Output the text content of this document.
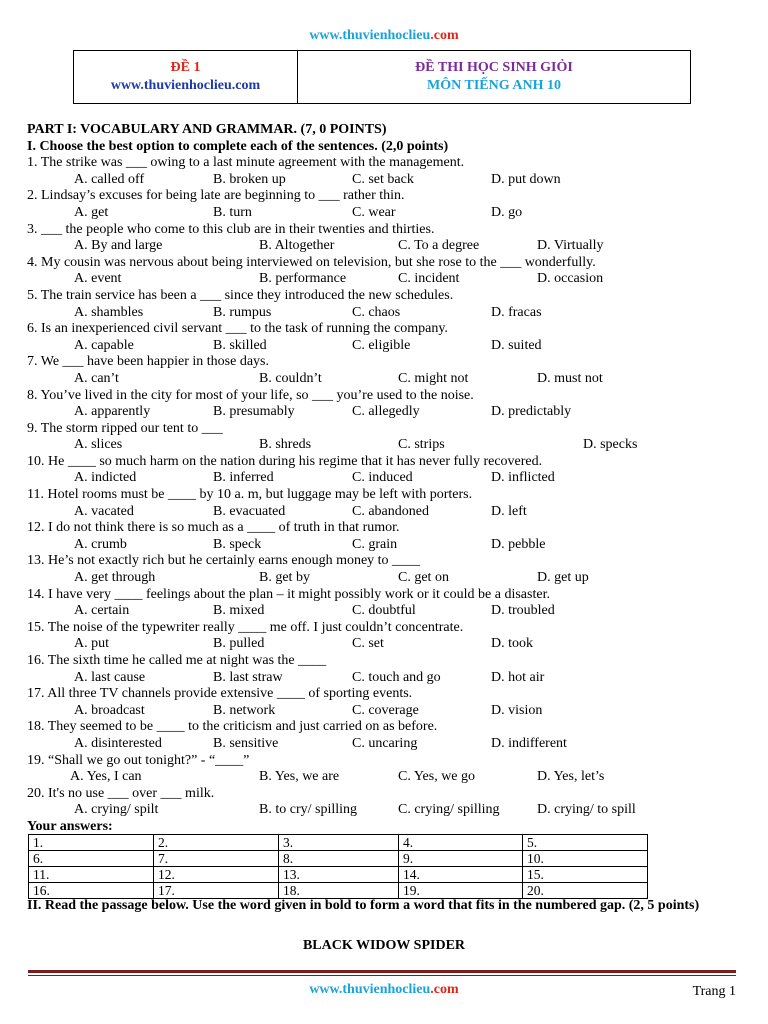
www.thuvienhoclieu.com
ĐỀ 1
www.thuvienhoclieu.com
ĐỀ THI HỌC SINH GIỎI
MÔN TIẾNG ANH 10
PART I: VOCABULARY AND GRAMMAR. (7, 0 POINTS)
I. Choose the best option to complete each of the sentences. (2,0 points)
1. The strike was ___ owing to a last minute agreement with the management.
A. called off	B. broken up	C. set back	D. put down
2. Lindsay’s excuses for being late are beginning to ___ rather thin.
A. get	B. turn	C. wear	D. go
3. ___ the people who come to this club are in their twenties and thirties.
A. By and large	B. Altogether	C. To a degree	D. Virtually
4. My cousin was nervous about being interviewed on television, but she rose to the ___ wonderfully.
A. event	B. performance	C. incident	D. occasion
5. The train service has been a ___ since they introduced the new schedules.
A. shambles	B. rumpus	C. chaos	D. fracas
6. Is an inexperienced civil servant ___ to the task of running the company.
A. capable	B. skilled	C. eligible	D. suited
7. We ___ have been happier in those days.
A. can’t	B. couldn’t	C. might not	D. must not
8. You’ve lived in the city for most of your life, so ___ you’re used to the noise.
A. apparently	B. presumably	C. allegedly	D. predictably
9. The storm ripped our tent to ___
A. slices	B. shreds	C. strips	D. specks
10. He ____ so much harm on the nation during his regime that it has never fully recovered.
A. indicted	B. inferred	C. induced	D. inflicted
11. Hotel rooms must be ____ by 10 a. m, but luggage may be left with porters.
A. vacated	B. evacuated	C. abandoned	D. left
12. I do not think there is so much as a ____ of truth in that rumor.
A. crumb	B. speck	C. grain	D. pebble
13. He’s not exactly rich but he certainly earns enough money to ____
A. get through	B. get by	C. get on	D. get up
14. I have very ____ feelings about the plan – it might possibly work or it could be a disaster.
A. certain	B. mixed	C. doubtful	D. troubled
15. The noise of the typewriter really ____ me off. I just couldn’t concentrate.
A. put	B. pulled	C. set	D. took
16. The sixth time he called me at night was the ____
A. last cause	B. last straw	C. touch and go	D. hot air
17. All three TV channels provide extensive ____ of sporting events.
A. broadcast	B. network	C. coverage	D. vision
18. They seemed to be ____ to the criticism and just carried on as before.
A. disinterested	B. sensitive	C. uncaring	D. indifferent
19. “Shall we go out tonight?” - “____”
A. Yes, I can	B. Yes, we are	C. Yes, we go	D. Yes, let’s
20. It's no use ___ over ___ milk.
A. crying/ spilt	B. to cry/ spilling	C. crying/ spilling	D. crying/ to spill
Your answers:
1.	2.	3.	4.	5.
6.	7.	8.	9.	10.
11.	12.	13.	14.	15.
16.	17.	18.	19.	20.
II. Read the passage below. Use the word given in bold to form a word that fits in the numbered gap. (2, 5 points)
BLACK WIDOW SPIDER
www.thuvienhoclieu.com	Trang 1
